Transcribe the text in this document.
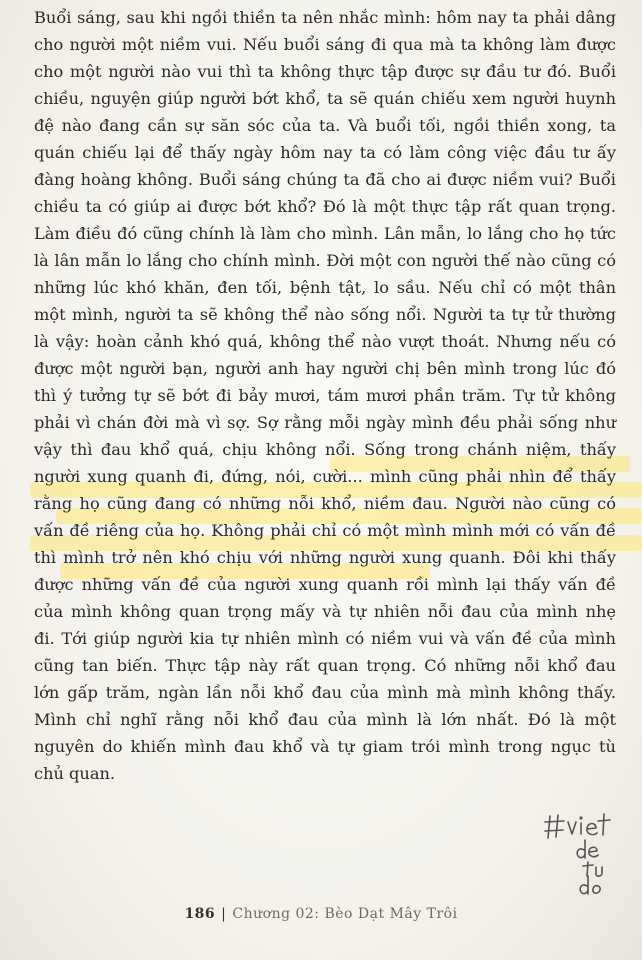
Buổi sáng, sau khi ngồi thiền ta nên nhắc mình: hôm nay ta phải dâng
cho người một niềm vui. Nếu buổi sáng đi qua mà ta không làm được
cho một người nào vui thì ta không thực tập được sự đầu tư đó. Buổi
chiều, nguyện giúp người bớt khổ, ta sẽ quán chiếu xem người huynh
đệ nào đang cần sự săn sóc của ta. Và buổi tối, ngồi thiền xong, ta
quán chiếu lại để thấy ngày hôm nay ta có làm công việc đầu tư ấy
đàng hoàng không. Buổi sáng chúng ta đã cho ai được niềm vui? Buổi
chiều ta có giúp ai được bớt khổ? Đó là một thực tập rất quan trọng.
Làm điều đó cũng chính là làm cho mình. Lân mẫn, lo lắng cho họ tức
là lân mẫn lo lắng cho chính mình. Đời một con người thế nào cũng có
những lúc khó khăn, đen tối, bệnh tật, lo sầu. Nếu chỉ có một thân
một mình, người ta sẽ không thể nào sống nổi. Người ta tự tử thường
là vậy: hoàn cảnh khó quá, không thể nào vượt thoát. Nhưng nếu có
được một người bạn, người anh hay người chị bên mình trong lúc đó
thì ý tưởng tự sẽ bớt đi bảy mươi, tám mươi phần trăm. Tự tử không
phải vì chán đời mà vì sợ. Sợ rằng mỗi ngày mình đều phải sống như
vậy thì đau khổ quá, chịu không nổi. Sống trong chánh niệm, thấy
người xung quanh đi, đứng, nói, cười... mình cũng phải nhìn để thấy
rằng họ cũng đang có những nỗi khổ, niềm đau. Người nào cũng có
vấn đề riêng của họ. Không phải chỉ có một mình mình mới có vấn đề
thì mình trở nên khó chịu với những người xung quanh. Đôi khi thấy
được những vấn đề của người xung quanh rồi mình lại thấy vấn đề
của mình không quan trọng mấy và tự nhiên nỗi đau của mình nhẹ
đi. Tới giúp người kia tự nhiên mình có niềm vui và vấn đề của mình
cũng tan biến. Thực tập này rất quan trọng. Có những nỗi khổ đau
lớn gấp trăm, ngàn lần nỗi khổ đau của mình mà mình không thấy.
Mình chỉ nghĩ rằng nỗi khổ đau của mình là lớn nhất. Đó là một
nguyên do khiến mình đau khổ và tự giam trói mình trong ngục tù
chủ quan.
186 | Chương 02: Bèo Dạt Mây Trôi
